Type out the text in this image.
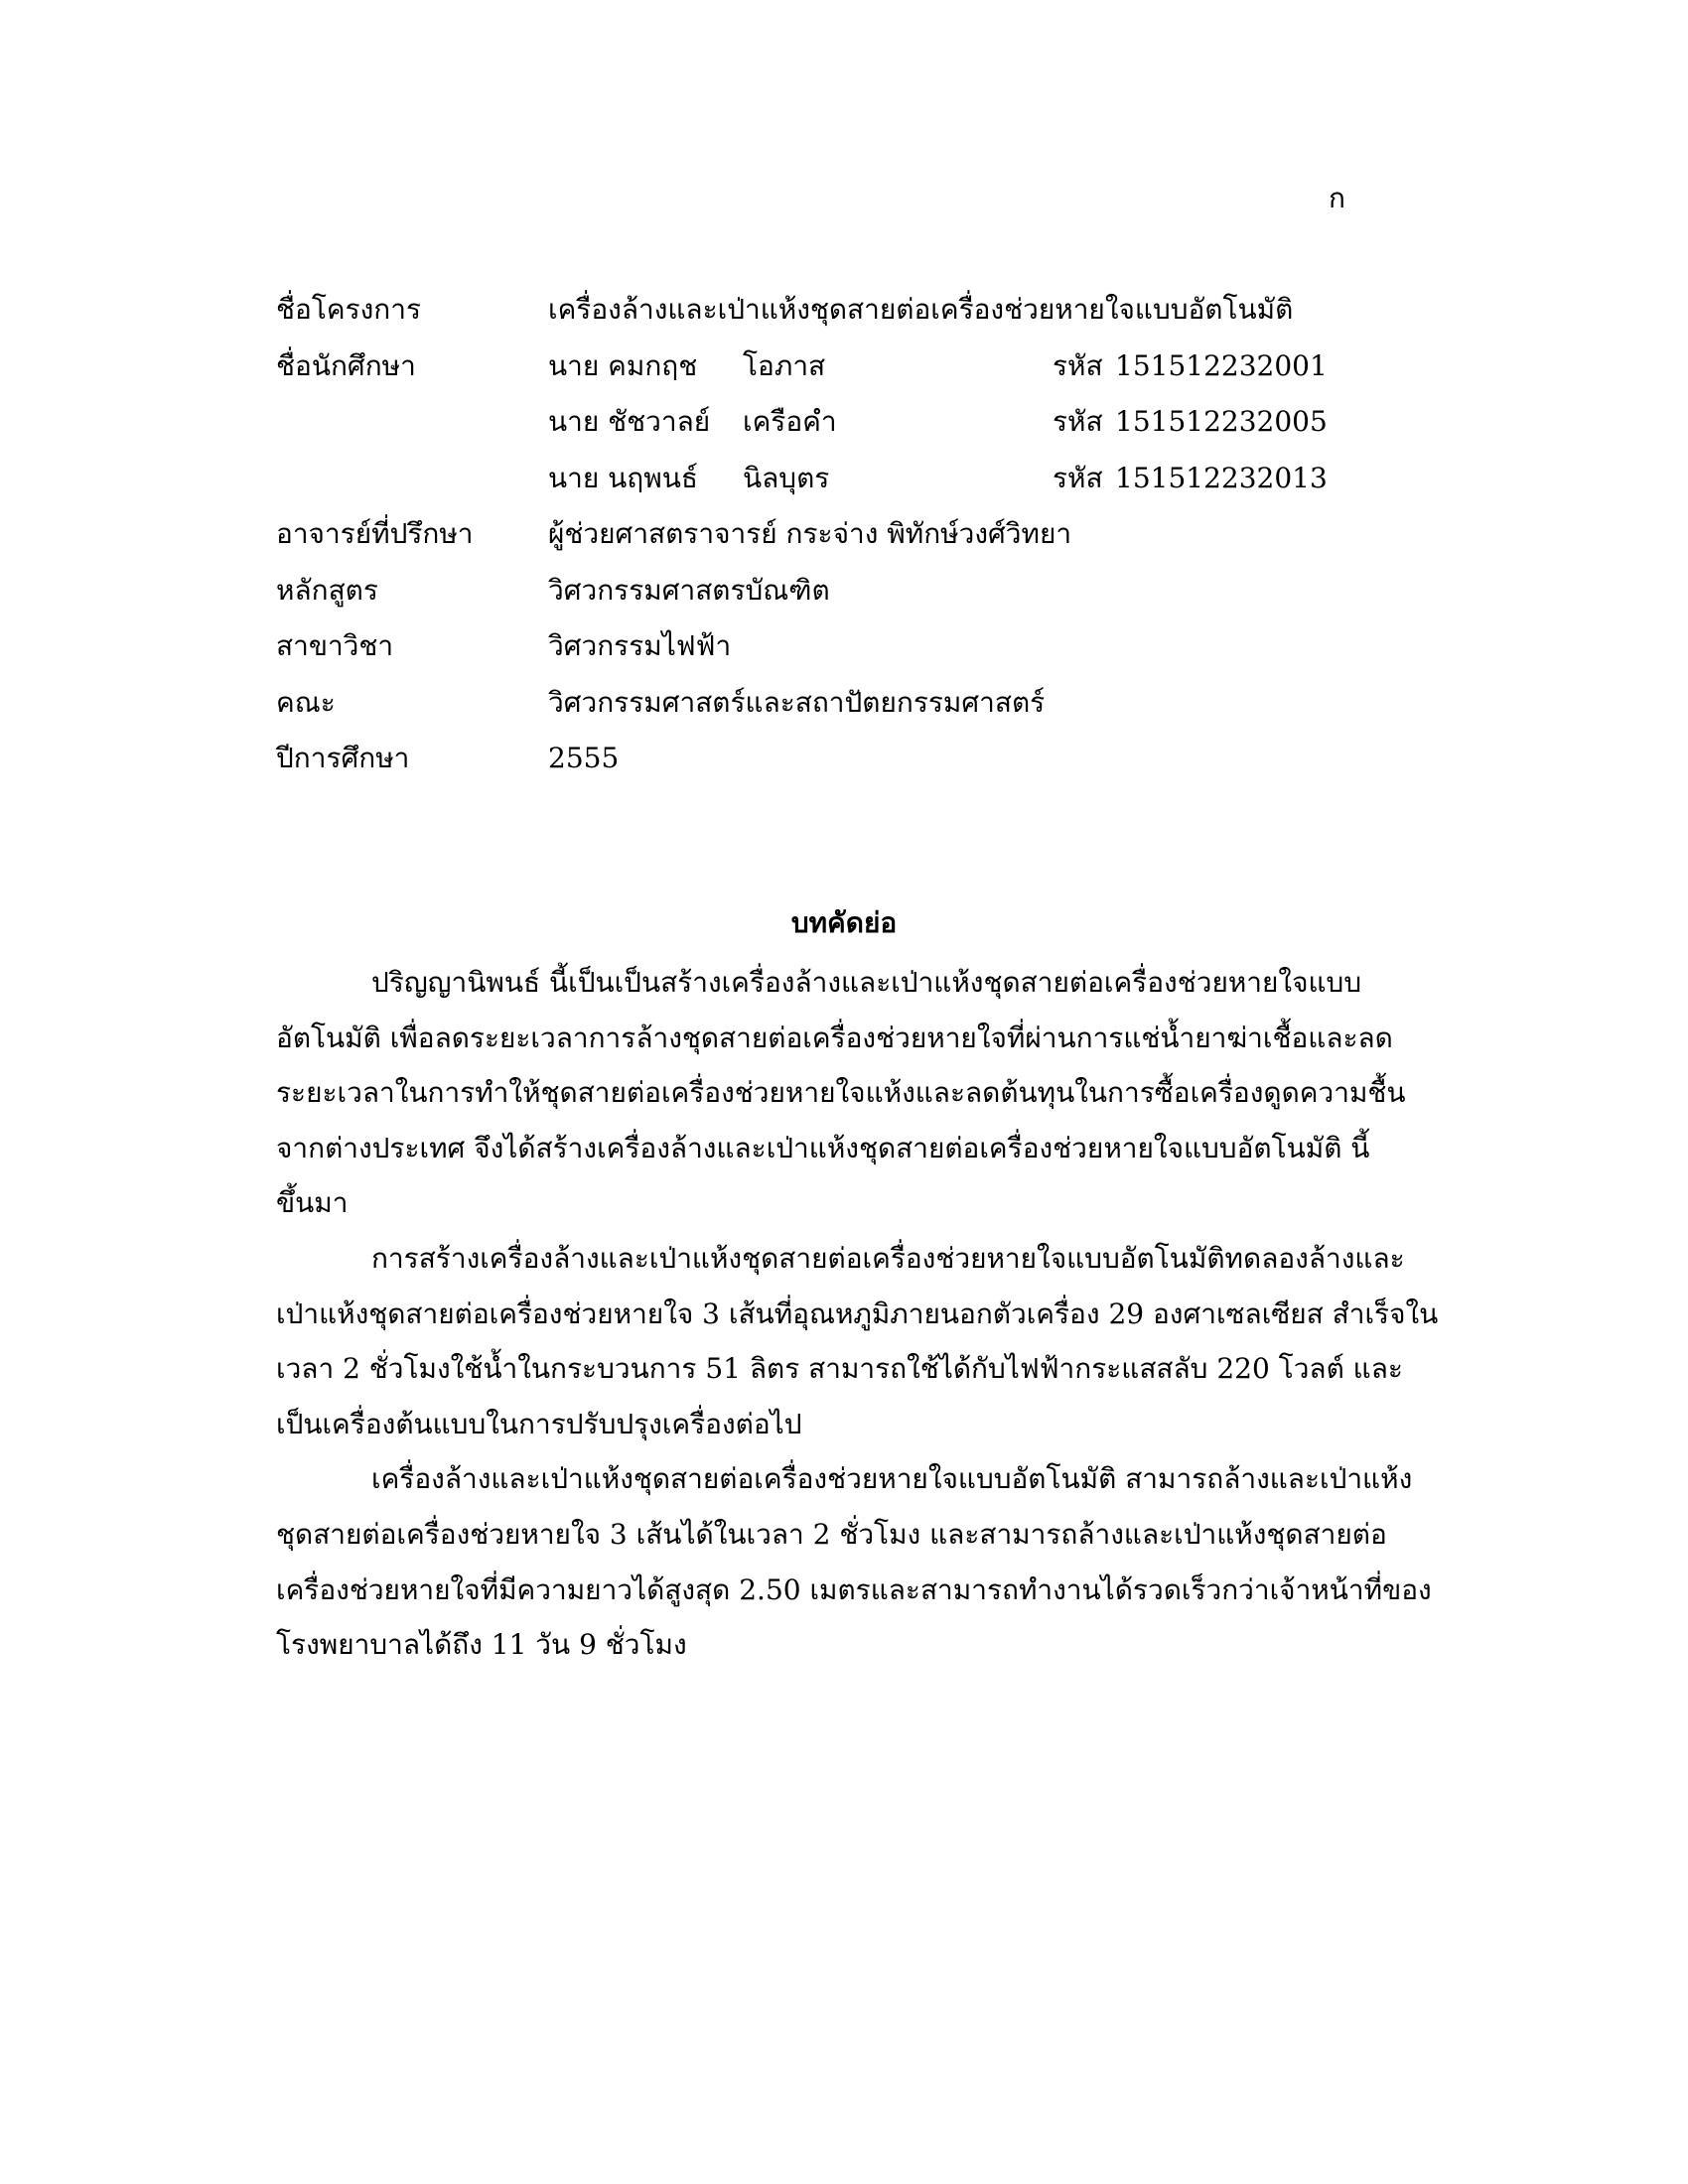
ก
ชื่อโครงการ	เครื่องล้างและเป่าแห้งชุดสายต่อเครื่องช่วยหายใจแบบอัตโนมัติ
ชื่อนักศึกษา	นาย คมกฤช โอภาส	รหัส 151512232001
นาย ชัชวาลย์ เครือคำ	รหัส 151512232005
นาย นฤพนธ์ นิลบุตร	รหัส 151512232013
อาจารย์ที่ปรึกษา	ผู้ช่วยศาสตราจารย์ กระจ่าง พิทักษ์วงศ์วิทยา
หลักสูตร	วิศวกรรมศาสตรบัณฑิต
สาขาวิชา	วิศวกรรมไฟฟ้า
คณะ	วิศวกรรมศาสตร์และสถาปัตยกรรมศาสตร์
ปีการศึกษา	2555
บทคัดย่อ
ปริญญานิพนธ์ นี้เป็นเป็นสร้างเครื่องล้างและเป่าแห้งชุดสายต่อเครื่องช่วยหายใจแบบ
อัตโนมัติ เพื่อลดระยะเวลาการล้างชุดสายต่อเครื่องช่วยหายใจที่ผ่านการแช่น้ำยาฆ่าเชื้อและลด
ระยะเวลาในการทำให้ชุดสายต่อเครื่องช่วยหายใจแห้งและลดต้นทุนในการซื้อเครื่องดูดความชื้น
จากต่างประเทศ จึงได้สร้างเครื่องล้างและเป่าแห้งชุดสายต่อเครื่องช่วยหายใจแบบอัตโนมัติ นี้
ขึ้นมา
การสร้างเครื่องล้างและเป่าแห้งชุดสายต่อเครื่องช่วยหายใจแบบอัตโนมัติทดลองล้างและ
เป่าแห้งชุดสายต่อเครื่องช่วยหายใจ 3 เส้นที่อุณหภูมิภายนอกตัวเครื่อง 29 องศาเซลเซียส สำเร็จใน
เวลา 2 ชั่วโมงใช้น้ำในกระบวนการ 51 ลิตร สามารถใช้ได้กับไฟฟ้ากระแสสลับ 220 โวลต์ และ
เป็นเครื่องต้นแบบในการปรับปรุงเครื่องต่อไป
เครื่องล้างและเป่าแห้งชุดสายต่อเครื่องช่วยหายใจแบบอัตโนมัติ สามารถล้างและเป่าแห้ง
ชุดสายต่อเครื่องช่วยหายใจ 3 เส้นได้ในเวลา 2 ชั่วโมง และสามารถล้างและเป่าแห้งชุดสายต่อ
เครื่องช่วยหายใจที่มีความยาวได้สูงสุด 2.50 เมตรและสามารถทำงานได้รวดเร็วกว่าเจ้าหน้าที่ของ
โรงพยาบาลได้ถึง 11 วัน 9 ชั่วโมง
